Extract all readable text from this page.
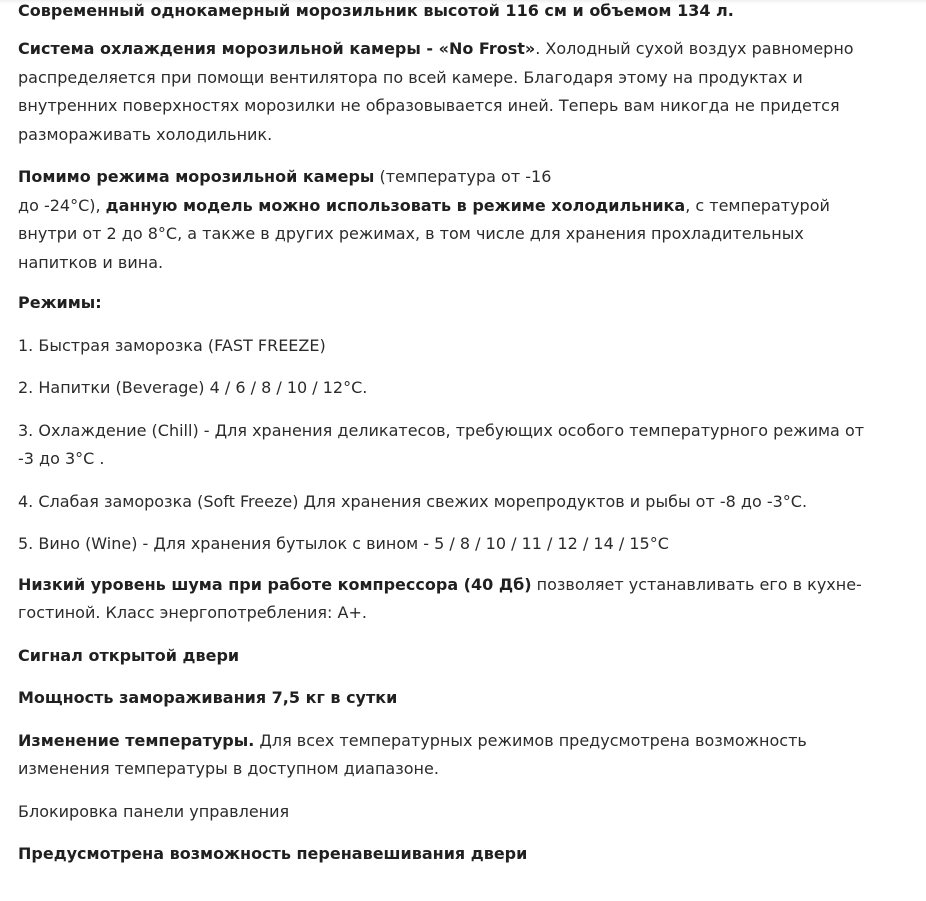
Современный однокамерный морозильник высотой 116 см и объемом 134 л.

Система охлаждения морозильной камеры - «No Frost». Холодный сухой воздух равномерно распределяется при помощи вентилятора по всей камере. Благодаря этому на продуктах и внутренних поверхностях морозилки не образовывается иней. Теперь вам никогда не придется размораживать холодильник.

Помимо режима морозильной камеры (температура от -16
до -24°С), данную модель можно использовать в режиме холодильника, с температурой внутри от 2 до 8°С, а также в других режимах, в том числе для хранения прохладительных напитков и вина.

Режимы:

1. Быстрая заморозка (FAST FREEZE)

2. Напитки (Beverage) 4 / 6 / 8 / 10 / 12°С.

3. Охлаждение (Chill) - Для хранения деликатесов, требующих особого температурного режима от -3 до 3°С .

4. Слабая заморозка (Soft Freeze) Для хранения свежих морепродуктов и рыбы от -8 до -3°С.

5. Вино (Wine) - Для хранения бутылок с вином - 5 / 8 / 10 / 11 / 12 / 14 / 15°С

Низкий уровень шума при работе компрессора (40 Дб) позволяет устанавливать его в кухне-гостиной. Класс энергопотребления: А+.

Сигнал открытой двери

Мощность замораживания 7,5 кг в сутки

Изменение температуры. Для всех температурных режимов предусмотрена возможность изменения температуры в доступном диапазоне.

Блокировка панели управления

Предусмотрена возможность перенавешивания двери
